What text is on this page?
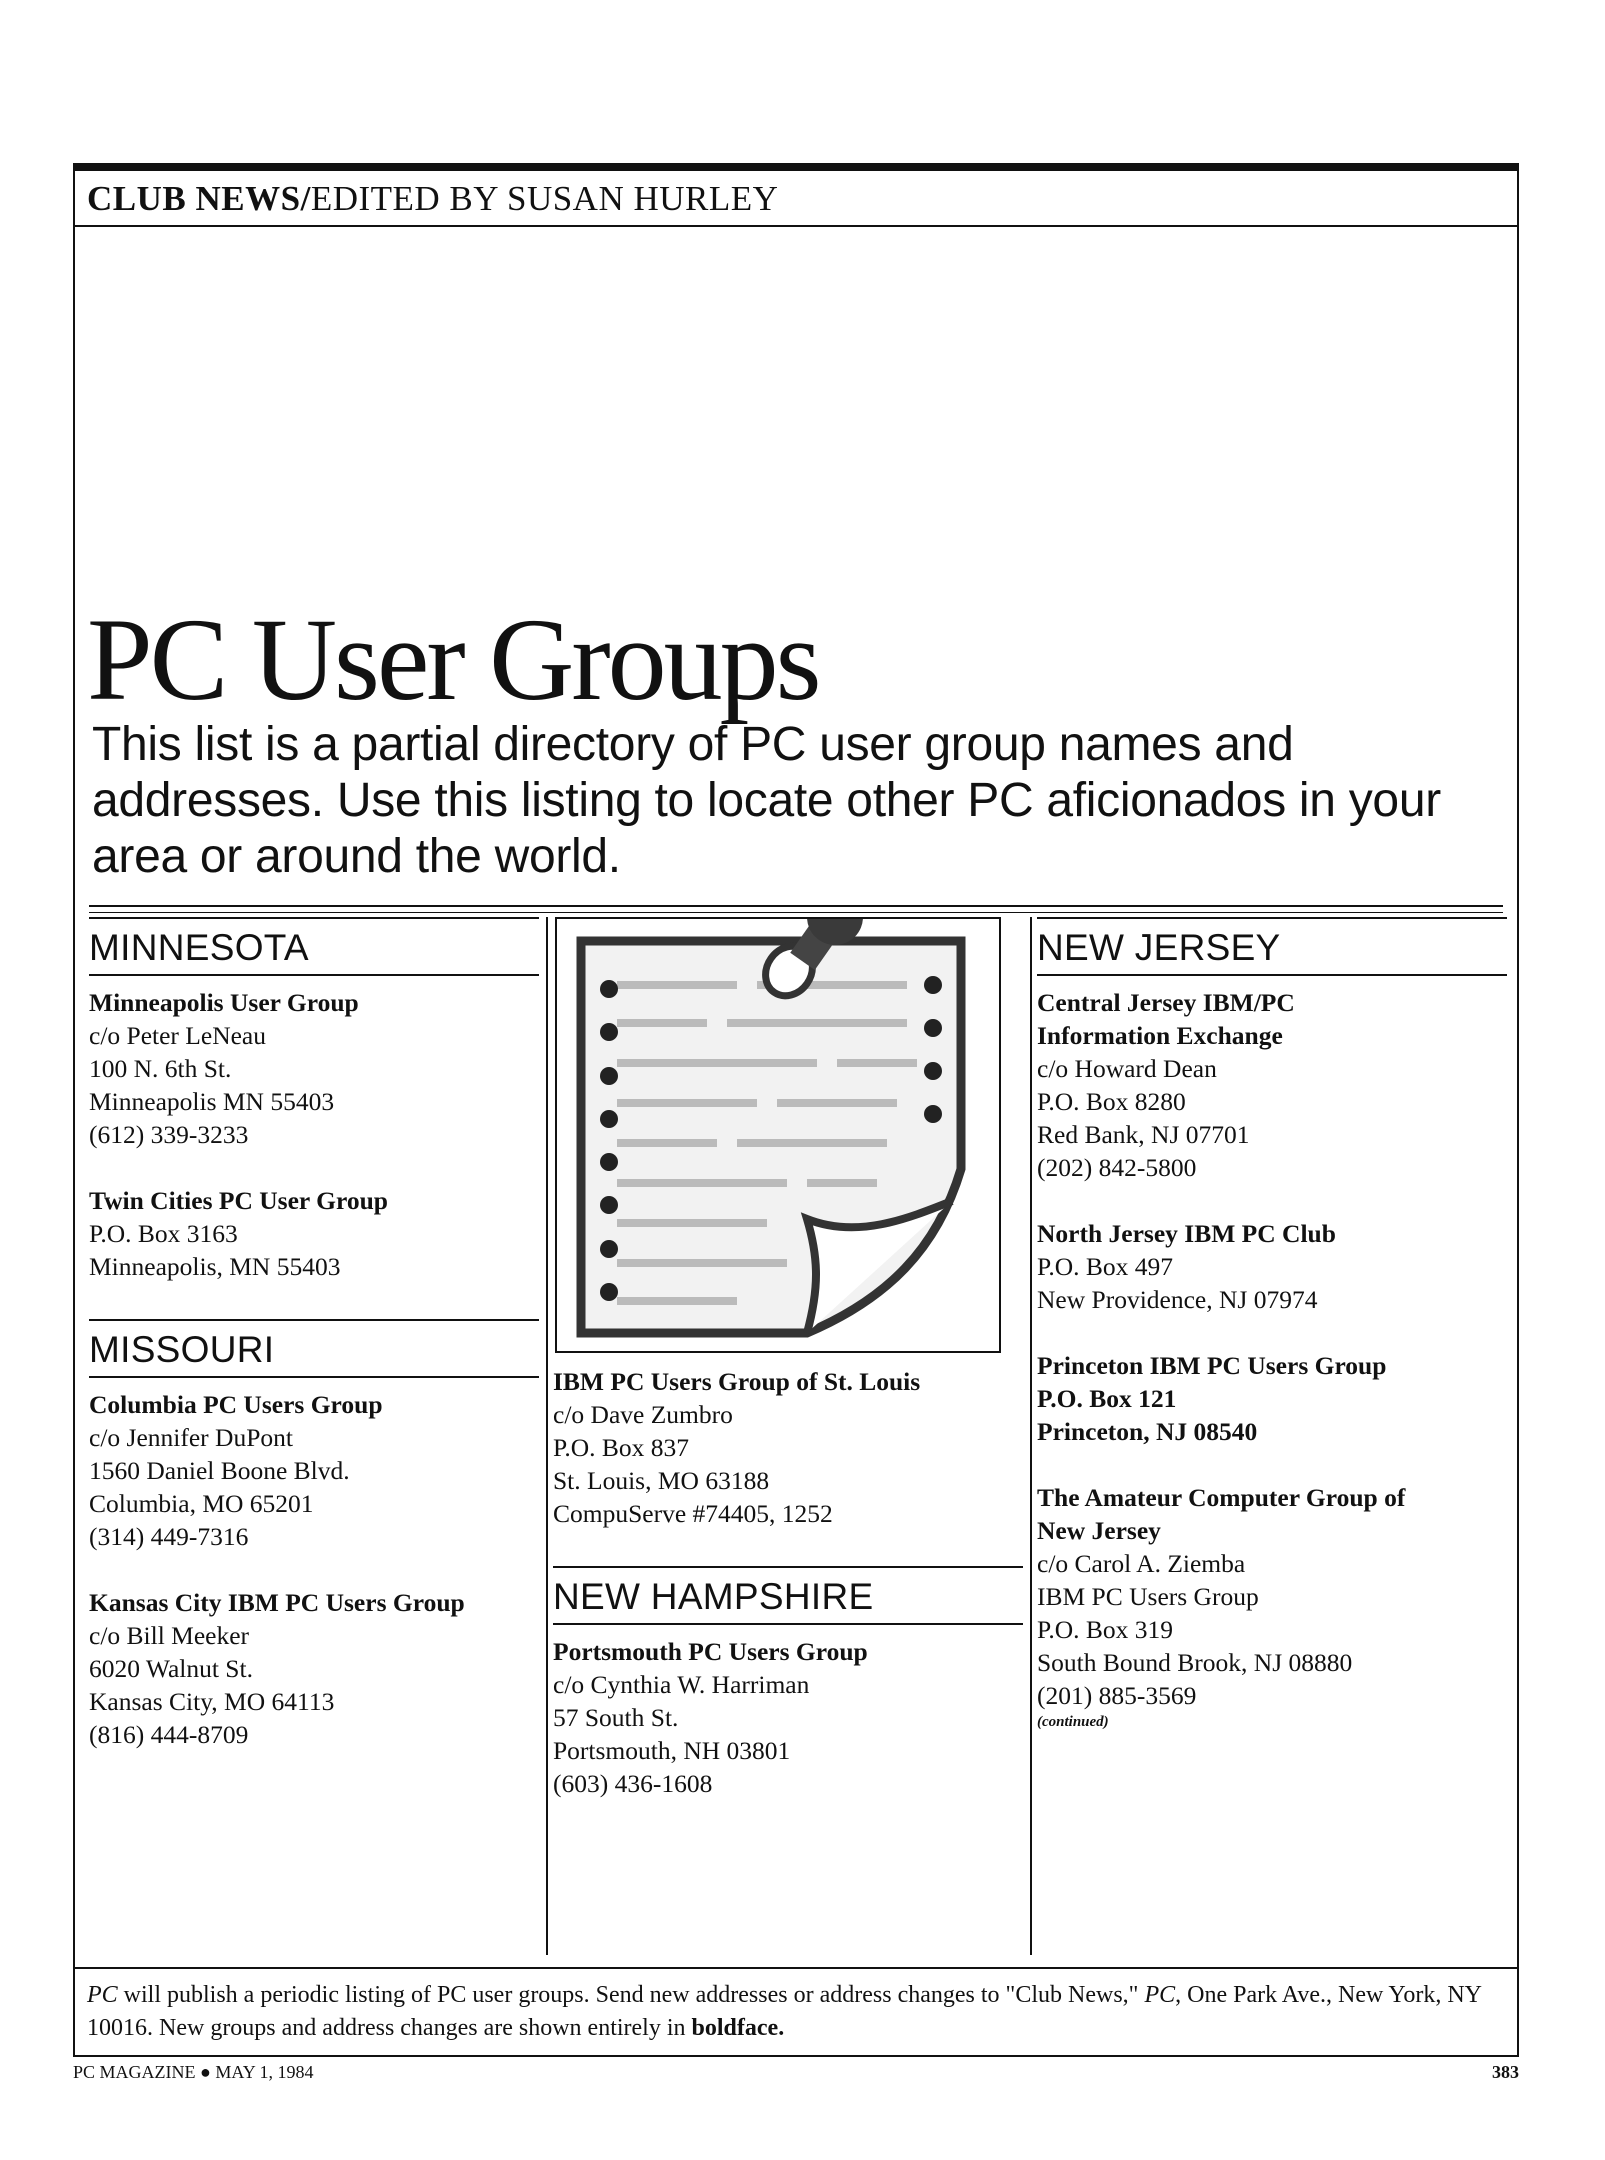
CLUB NEWS/EDITED BY SUSAN HURLEY
PC User Groups

This list is a partial directory of PC user group names and addresses. Use this listing to locate other PC aficionados in your area or around the world.

MINNESOTA
Minneapolis User Group
c/o Peter LeNeau
100 N. 6th St.
Minneapolis MN 55403
(612) 339-3233
Twin Cities PC User Group
P.O. Box 3163
Minneapolis, MN 55403
MISSOURI
Columbia PC Users Group
c/o Jennifer DuPont
1560 Daniel Boone Blvd.
Columbia, MO 65201
(314) 449-7316
Kansas City IBM PC Users Group
c/o Bill Meeker
6020 Walnut St.
Kansas City, MO 64113
(816) 444-8709
IBM PC Users Group of St. Louis
c/o Dave Zumbro
P.O. Box 837
St. Louis, MO 63188
CompuServe #74405, 1252
NEW HAMPSHIRE
Portsmouth PC Users Group
c/o Cynthia W. Harriman
57 South St.
Portsmouth, NH 03801
(603) 436-1608
NEW JERSEY
Central Jersey IBM/PC Information Exchange
c/o Howard Dean
P.O. Box 8280
Red Bank, NJ 07701
(202) 842-5800
North Jersey IBM PC Club
P.O. Box 497
New Providence, NJ 07974
Princeton IBM PC Users Group
P.O. Box 121
Princeton, NJ 08540
The Amateur Computer Group of New Jersey
c/o Carol A. Ziemba
IBM PC Users Group
P.O. Box 319
South Bound Brook, NJ 08880
(201) 885-3569
(continued)

PC will publish a periodic listing of PC user groups. Send new addresses or address changes to "Club News," PC, One Park Ave., New York, NY 10016. New groups and address changes are shown entirely in boldface.

PC MAGAZINE ● MAY 1, 1984	383
